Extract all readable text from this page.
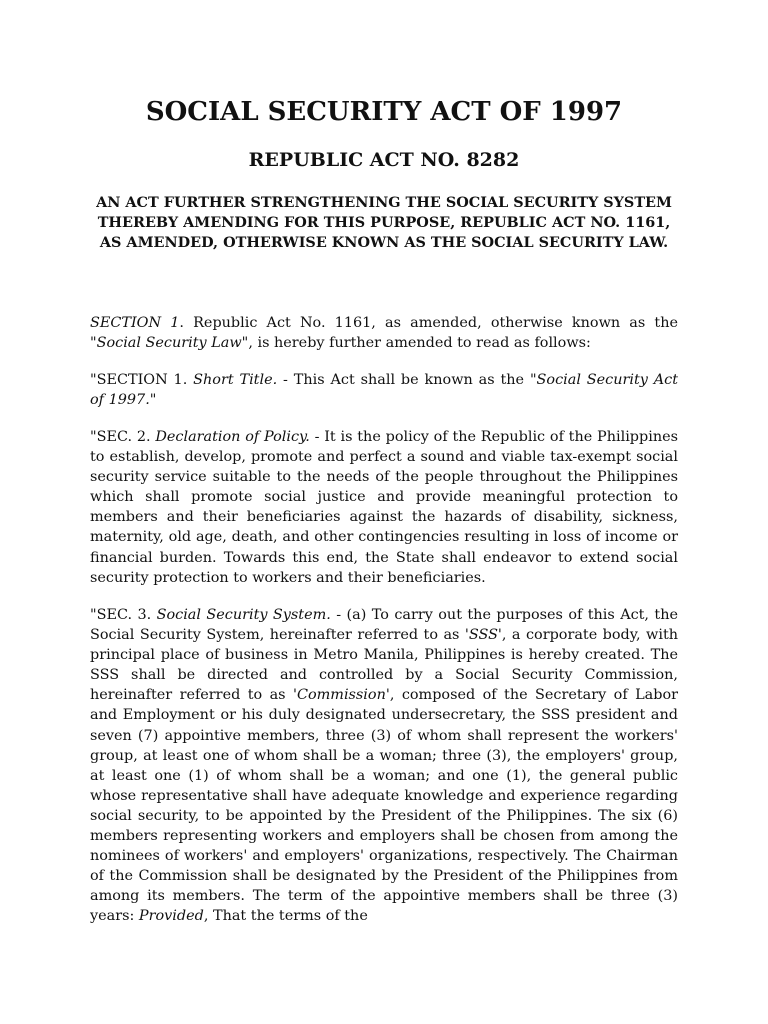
SOCIAL SECURITY ACT OF 1997
REPUBLIC ACT NO. 8282

AN ACT FURTHER STRENGTHENING THE SOCIAL SECURITY SYSTEM THEREBY AMENDING FOR THIS PURPOSE, REPUBLIC ACT NO. 1161, AS AMENDED, OTHERWISE KNOWN AS THE SOCIAL SECURITY LAW.

SECTION 1. Republic Act No. 1161, as amended, otherwise known as the "Social Security Law", is hereby further amended to read as follows:

"SECTION 1. Short Title. - This Act shall be known as the "Social Security Act of 1997."

"SEC. 2. Declaration of Policy. - It is the policy of the Republic of the Philippines to establish, develop, promote and perfect a sound and viable tax-exempt social security service suitable to the needs of the people throughout the Philippines which shall promote social justice and provide meaningful protection to members and their beneficiaries against the hazards of disability, sickness, maternity, old age, death, and other contingencies resulting in loss of income or financial burden. Towards this end, the State shall endeavor to extend social security protection to workers and their beneficiaries.

"SEC. 3. Social Security System. - (a) To carry out the purposes of this Act, the Social Security System, hereinafter referred to as 'SSS', a corporate body, with principal place of business in Metro Manila, Philippines is hereby created. The SSS shall be directed and controlled by a Social Security Commission, hereinafter referred to as 'Commission', composed of the Secretary of Labor and Employment or his duly designated undersecretary, the SSS president and seven (7) appointive members, three (3) of whom shall represent the workers' group, at least one of whom shall be a woman; three (3), the employers' group, at least one (1) of whom shall be a woman; and one (1), the general public whose representative shall have adequate knowledge and experience regarding social security, to be appointed by the President of the Philippines. The six (6) members representing workers and employers shall be chosen from among the nominees of workers' and employers' organizations, respectively. The Chairman of the Commission shall be designated by the President of the Philippines from among its members. The term of the appointive members shall be three (3) years: Provided, That the terms of the
